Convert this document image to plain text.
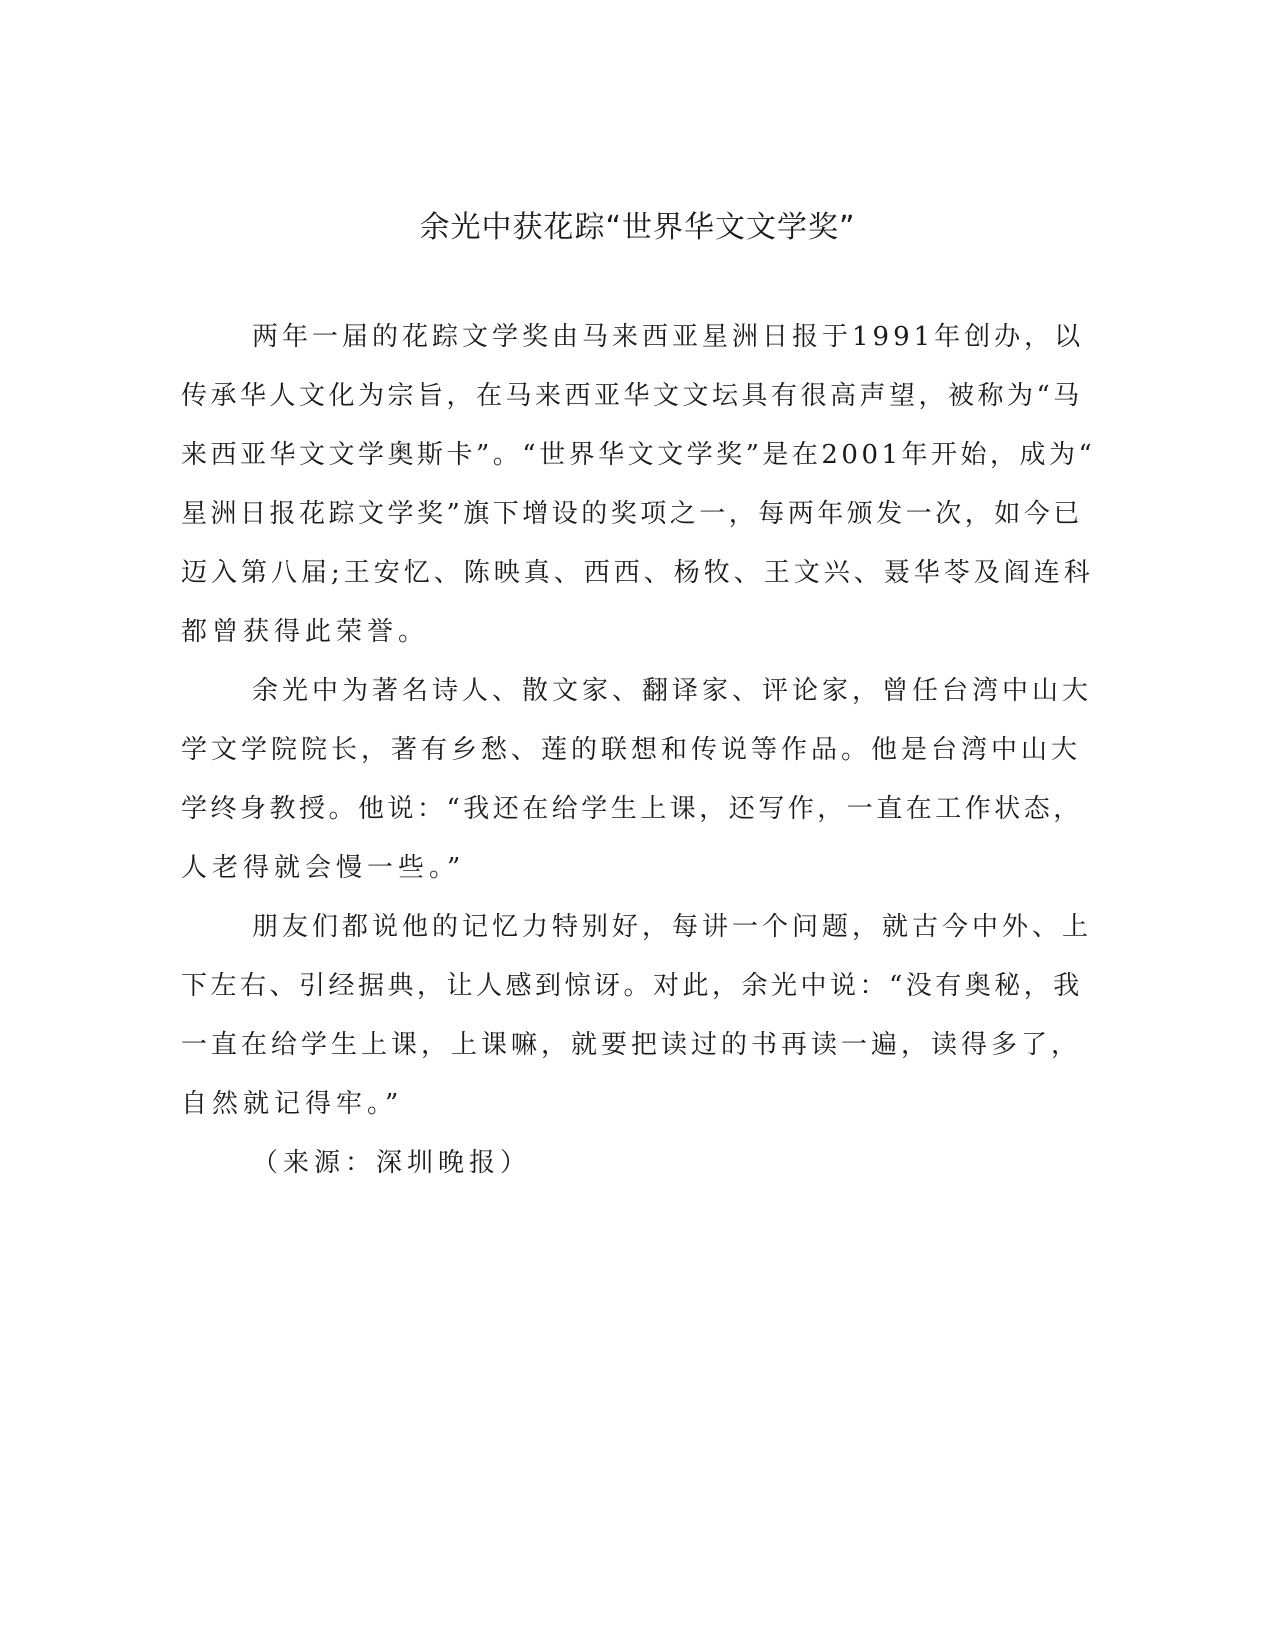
余光中获花踪“世界华文文学奖”

两年一届的花踪文学奖由马来西亚星洲日报于1991年创办，以

传承华人文化为宗旨，在马来西亚华文文坛具有很高声望，被称为“马

来西亚华文文学奥斯卡”。“世界华文文学奖”是在2001年开始，成为“

星洲日报花踪文学奖”旗下增设的奖项之一，每两年颁发一次，如今已

迈入第八届;王安忆、陈映真、西西、杨牧、王文兴、聂华苓及阎连科

都曾获得此荣誉。

余光中为著名诗人、散文家、翻译家、评论家，曾任台湾中山大

学文学院院长，著有乡愁、莲的联想和传说等作品。他是台湾中山大

学终身教授。他说：“我还在给学生上课，还写作，一直在工作状态，

人老得就会慢一些。”

朋友们都说他的记忆力特别好，每讲一个问题，就古今中外、上

下左右、引经据典，让人感到惊讶。对此，余光中说：“没有奥秘，我

一直在给学生上课，上课嘛，就要把读过的书再读一遍，读得多了，

自然就记得牢。”

（来源：深圳晚报）
